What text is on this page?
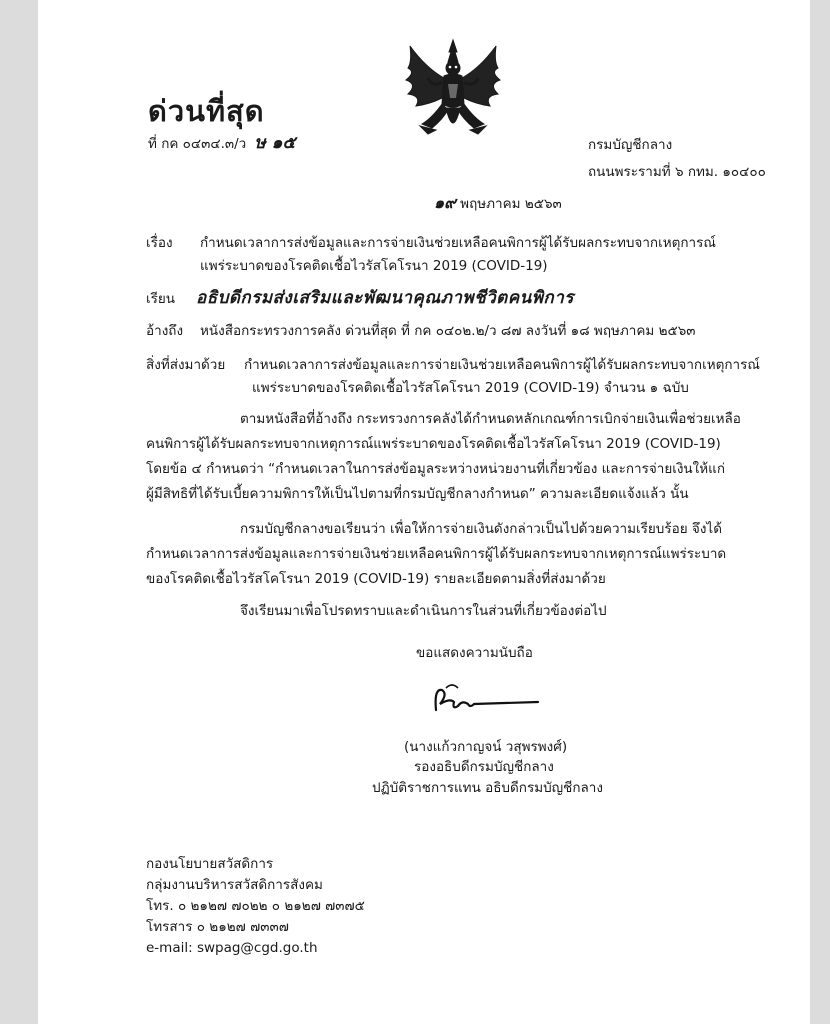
ด่วนที่สุด
ที่ กค ๐๔๓๔.๓/ว ษ ๑๕	กรมบัญชีกลาง
ถนนพระรามที่ ๖ กทม. ๑๐๔๐๐
๑๙ พฤษภาคม ๒๕๖๓
เรื่อง กำหนดเวลาการส่งข้อมูลและการจ่ายเงินช่วยเหลือคนพิการผู้ได้รับผลกระทบจากเหตุการณ์
แพร่ระบาดของโรคติดเชื้อไวรัสโคโรนา 2019 (COVID-19)
เรียน อธิบดีกรมส่งเสริมและพัฒนาคุณภาพชีวิตคนพิการ
อ้างถึง หนังสือกระทรวงการคลัง ด่วนที่สุด ที่ กค ๐๔๐๒.๒/ว ๘๗ ลงวันที่ ๑๘ พฤษภาคม ๒๕๖๓
สิ่งที่ส่งมาด้วย กำหนดเวลาการส่งข้อมูลและการจ่ายเงินช่วยเหลือคนพิการผู้ได้รับผลกระทบจากเหตุการณ์
แพร่ระบาดของโรคติดเชื้อไวรัสโคโรนา 2019 (COVID-19) จำนวน ๑ ฉบับ
ตามหนังสือที่อ้างถึง กระทรวงการคลังได้กำหนดหลักเกณฑ์การเบิกจ่ายเงินเพื่อช่วยเหลือ
คนพิการผู้ได้รับผลกระทบจากเหตุการณ์แพร่ระบาดของโรคติดเชื้อไวรัสโคโรนา 2019 (COVID-19)
โดยข้อ ๔ กำหนดว่า “กำหนดเวลาในการส่งข้อมูลระหว่างหน่วยงานที่เกี่ยวข้อง และการจ่ายเงินให้แก่
ผู้มีสิทธิที่ได้รับเบี้ยความพิการให้เป็นไปตามที่กรมบัญชีกลางกำหนด” ความละเอียดแจ้งแล้ว นั้น
กรมบัญชีกลางขอเรียนว่า เพื่อให้การจ่ายเงินดังกล่าวเป็นไปด้วยความเรียบร้อย จึงได้
กำหนดเวลาการส่งข้อมูลและการจ่ายเงินช่วยเหลือคนพิการผู้ได้รับผลกระทบจากเหตุการณ์แพร่ระบาด
ของโรคติดเชื้อไวรัสโคโรนา 2019 (COVID-19) รายละเอียดตามสิ่งที่ส่งมาด้วย
จึงเรียนมาเพื่อโปรดทราบและดำเนินการในส่วนที่เกี่ยวข้องต่อไป
ขอแสดงความนับถือ
(นางแก้วกาญจน์ วสุพรพงศ์)
รองอธิบดีกรมบัญชีกลาง
ปฏิบัติราชการแทน อธิบดีกรมบัญชีกลาง
กองนโยบายสวัสดิการ
กลุ่มงานบริหารสวัสดิการสังคม
โทร. ๐ ๒๑๒๗ ๗๐๒๒ ๐ ๒๑๒๗ ๗๓๗๕
โทรสาร ๐ ๒๑๒๗ ๗๓๓๗
e-mail: swpag@cgd.go.th
